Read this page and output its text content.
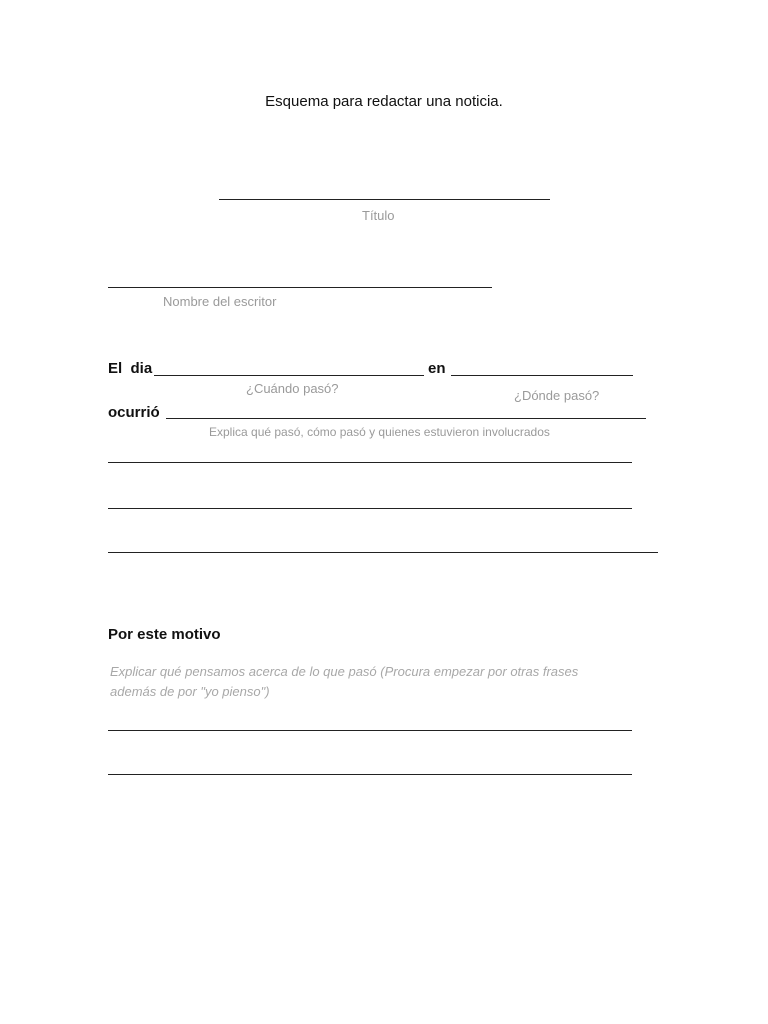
Esquema para redactar una noticia.
Título
Nombre del escritor
El  dia	en
¿Cuándo pasó?	¿Dónde pasó?
ocurrió
Explica qué pasó, cómo pasó y quienes estuvieron involucrados
Por este motivo
Explicar qué pensamos acerca de lo que pasó (Procura empezar por otras frases
además de por "yo pienso")
